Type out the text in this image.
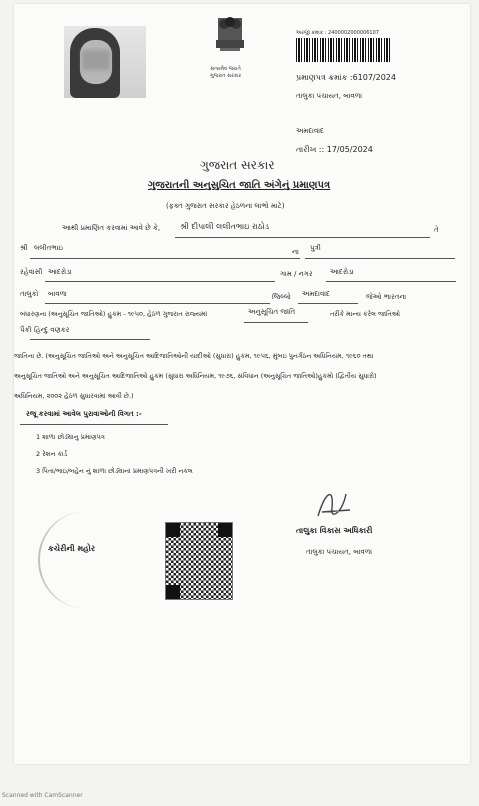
સત્યમેવ જયતે
ગુજરાત સરકાર
અરજી ક્રમાંક : 2400002000006107
પ્રમાણપત્ર ક્રમાંક :6107/2024
તાલુકા પંચાયત, બાવળા
અમદાવાદ
તારીખ :: 17/05/2024
ગુજરાત સરકાર
ગુજરાતની અનુસુચિત જાતિ અંગેનું પ્રમાણપત્ર
(ફક્ત ગુજરાત સરકાર હેઠળના લાભો માટે)
આથી પ્રમાણિત કરવામાં આવે છે કે, શ્રી દીપાલી લલીતભાઇ રાઠોડ	તે
શ્રી લલીતભાઇ	ના પુત્રી
રહેવાસી આદરોડા	ગામ / નગર આદરોડા
તાલુકો બાવળા	જિલ્લો અમદાવાદ	જેઓ ભારતના
બંધારણના (અનુસૂચિત જાતિઓ) હુકમ - ૧૯૫૦, હેઠળ ગુજરાત રાજ્યમાં	અનુસૂચિત જાતિ	તરીકે માન્ય કરેલ જાતિઓ
પૈકી હિન્દુ વણકર
જાતિના છે. (અનુસૂચિત જાતિઓ અને અનુસૂચિત આદિજાતિઓની યાદીઓ (સુધારા) હુકમ, ૧૯૫૬, મુંબઇ પુનર્ગઠન અધિનિયમ, ૧૯૬૦ તથા
અનુસૂચિત જાતિઓ અને અનુસૂચિત આદિજાતિઓ હુકમ (સુધારા અધિનિયમ, ૧૯૭૬, સંવિધાન (અનુસૂચિત જાતિઓ)હુકમો (દ્વિતીય સુધારો)
અધિનિયમ, ૨૦૦૨ હેઠળ સુધારવામાં આવી છે.)
રજૂ કરવામાં આવેલ પુરાવાઓની વિગત :-
1 શાળા છોડ્યાનુ પ્રમાણપત્ર
2 રેશન કાર્ડ
3 પિતા/ભાઇ/બહેન નું શાળા છોડ્યાનાં પ્રમાણપત્રની ખરી નકલ
કચેરીની મહોર
તાલુકા વિકાસ અધિકારી
તાલુકા પંચાયત, બાવળા
Scanned with CamScanner
